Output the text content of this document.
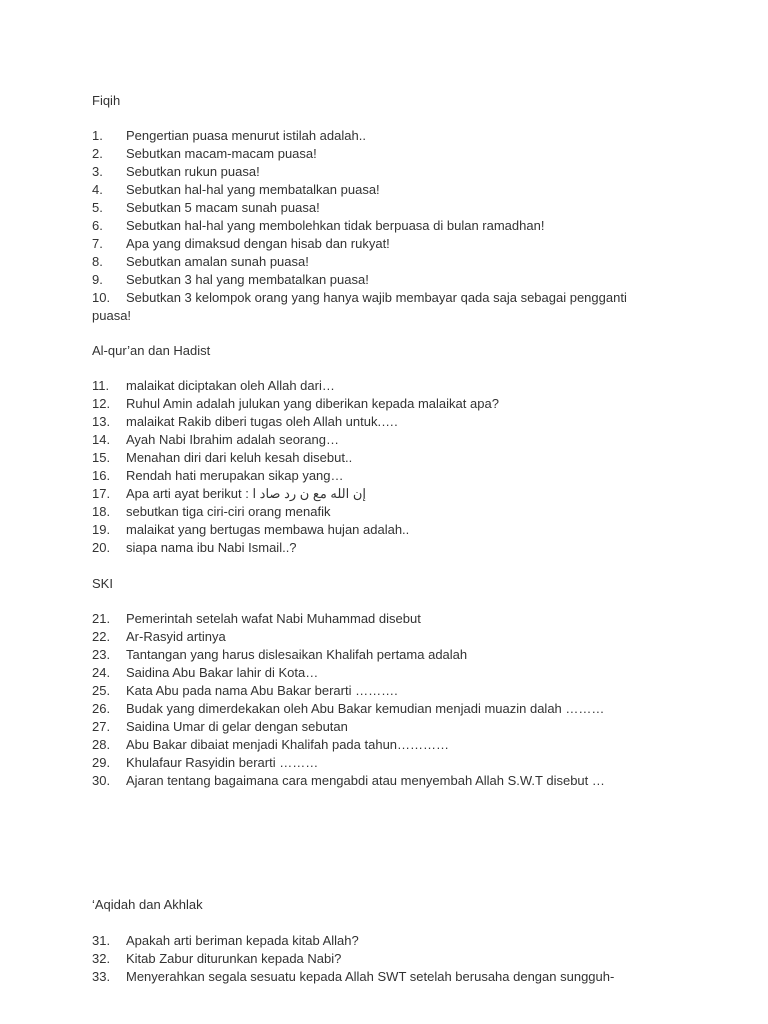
Fiqih
1. Pengertian puasa menurut istilah adalah..
2. Sebutkan macam-macam puasa!
3. Sebutkan rukun puasa!
4. Sebutkan hal-hal yang membatalkan puasa!
5. Sebutkan 5 macam sunah puasa!
6. Sebutkan hal-hal yang membolehkan tidak berpuasa di bulan ramadhan!
7. Apa yang dimaksud dengan hisab dan rukyat!
8. Sebutkan amalan sunah puasa!
9. Sebutkan 3 hal yang membatalkan puasa!
10. Sebutkan 3 kelompok orang yang hanya wajib membayar qada saja sebagai pengganti
puasa!
Al-qur’an dan Hadist
11. malaikat diciptakan oleh Allah dari…
12. Ruhul Amin adalah julukan yang diberikan kepada malaikat apa?
13. malaikat Rakib diberi tugas oleh Allah untuk.….
14. Ayah Nabi Ibrahim adalah seorang…
15. Menahan diri dari keluh kesah disebut..
16. Rendah hati merupakan sikap yang…
17. Apa arti ayat berikut : إن الله مع ن رد صاد ا
18. sebutkan tiga ciri-ciri orang menafik
19. malaikat yang bertugas membawa hujan adalah..
20. siapa nama ibu Nabi Ismail..?
SKI
21. Pemerintah setelah wafat Nabi Muhammad disebut
22. Ar-Rasyid artinya
23. Tantangan yang harus dislesaikan Khalifah pertama adalah
24. Saidina Abu Bakar lahir di Kota…
25. Kata Abu pada nama Abu Bakar berarti ……….
26. Budak yang dimerdekakan oleh Abu Bakar kemudian menjadi muazin dalah ………
27. Saidina Umar di gelar dengan sebutan
28. Abu Bakar dibaiat menjadi Khalifah pada tahun…………
29. Khulafaur Rasyidin berarti ………
30. Ajaran tentang bagaimana cara mengabdi atau menyembah Allah S.W.T disebut …
‘Aqidah dan Akhlak
31. Apakah arti beriman kepada kitab Allah?
32. Kitab Zabur diturunkan kepada Nabi?
33. Menyerahkan segala sesuatu kepada Allah SWT setelah berusaha dengan sungguh-
